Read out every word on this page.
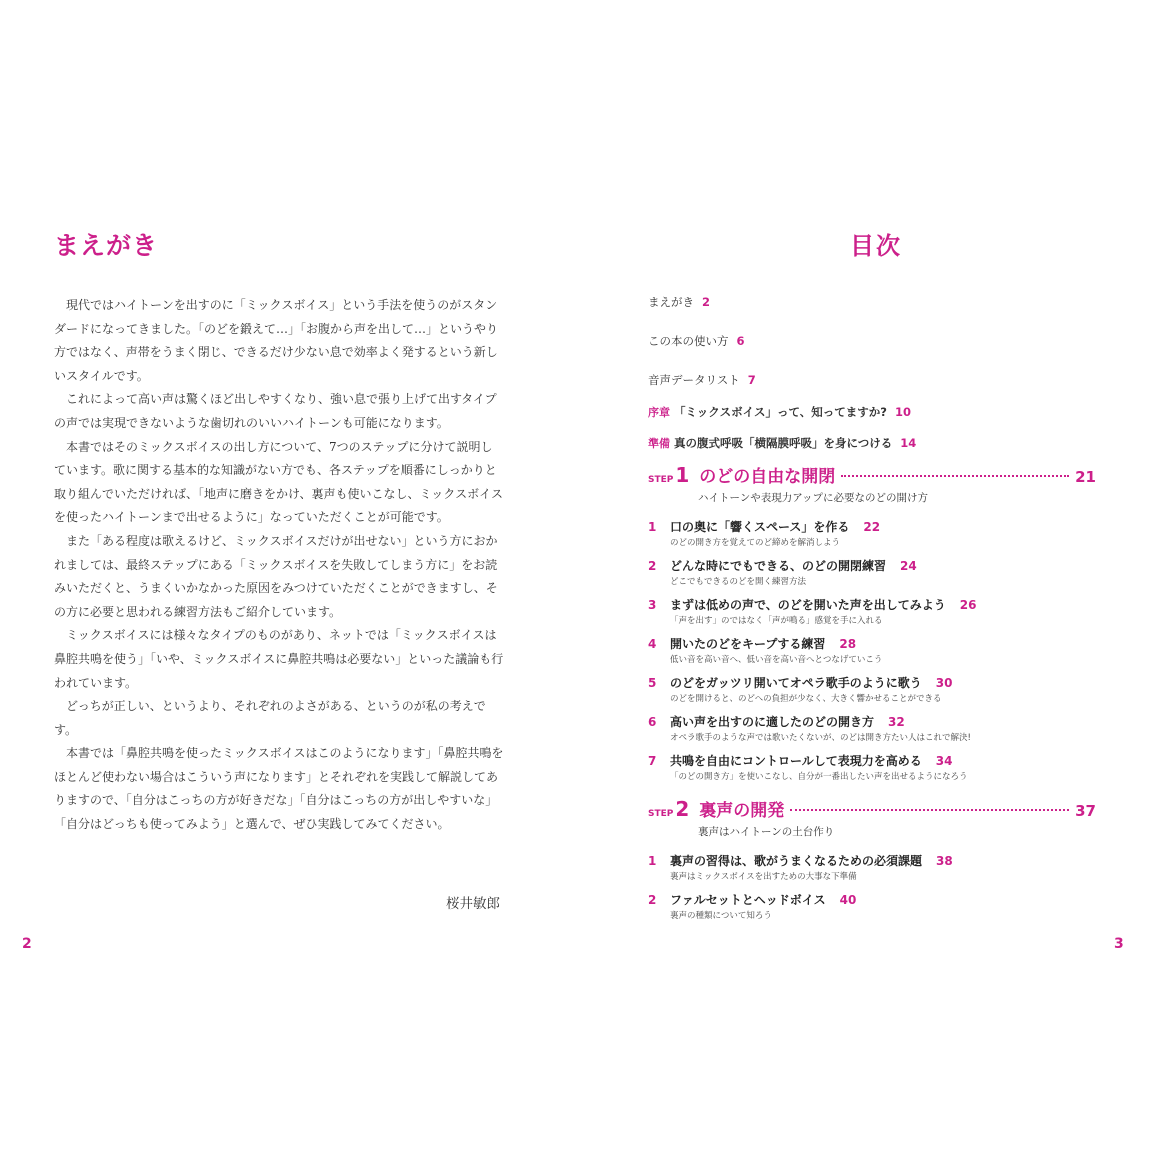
まえがき

　現代ではハイトーンを出すのに「ミックスボイス」という手法を使うのがスタンダードになってきました。「のどを鍛えて…」「お腹から声を出して…」というやり方ではなく、声帯をうまく閉じ、できるだけ少ない息で効率よく発するという新しいスタイルです。

　これによって高い声は驚くほど出しやすくなり、強い息で張り上げて出すタイプの声では実現できないような歯切れのいいハイトーンも可能になります。

　本書ではそのミックスボイスの出し方について、7つのステップに分けて説明しています。歌に関する基本的な知識がない方でも、各ステップを順番にしっかりと取り組んでいただければ、「地声に磨きをかけ、裏声も使いこなし、ミックスボイスを使ったハイトーンまで出せるように」なっていただくことが可能です。

　また「ある程度は歌えるけど、ミックスボイスだけが出せない」という方におかれましては、最終ステップにある「ミックスボイスを失敗してしまう方に」をお読みいただくと、うまくいかなかった原因をみつけていただくことができますし、その方に必要と思われる練習方法もご紹介しています。

　ミックスボイスには様々なタイプのものがあり、ネットでは「ミックスボイスは鼻腔共鳴を使う」「いや、ミックスボイスに鼻腔共鳴は必要ない」といった議論も行われています。

　どっちが正しい、というより、それぞれのよさがある、というのが私の考えです。

　本書では「鼻腔共鳴を使ったミックスボイスはこのようになります」「鼻腔共鳴をほとんど使わない場合はこういう声になります」とそれぞれを実践して解説してありますので、「自分はこっちの方が好きだな」「自分はこっちの方が出しやすいな」「自分はどっちも使ってみよう」と選んで、ぜひ実践してみてください。

桜井敏郎
2
目次
まえがき 2
この本の使い方 6
音声データリスト 7
序章 「ミックスボイス」って、知ってますか? 10
準備 真の腹式呼吸「横隔膜呼吸」を身につける 14
STEP 1 のどの自由な開閉	21
ハイトーンや表現力アップに必要なのどの開け方
1	口の奥に「響くスペース」を作る 22
のどの開き方を覚えてのど締めを解消しよう
2	どんな時にでもできる、のどの開閉練習 24
どこでもできるのどを開く練習方法
3	まずは低めの声で、のどを開いた声を出してみよう 26
「声を出す」のではなく「声が鳴る」感覚を手に入れる
4	開いたのどをキープする練習 28
低い音を高い音へ、低い音を高い音へとつなげていこう
5	のどをガッツリ開いてオペラ歌手のように歌う 30
のどを開けると、のどへの負担が少なく、大きく響かせることができる
6	高い声を出すのに適したのどの開き方 32
オペラ歌手のような声では歌いたくないが、のどは開き方たい人はこれで解決!
7	共鳴を自由にコントロールして表現力を高める 34
「のどの開き方」を使いこなし、自分が一番出したい声を出せるようになろう
STEP 2 裏声の開発	37
裏声はハイトーンの土台作り
1	裏声の習得は、歌がうまくなるための必須課題 38
裏声はミックスボイスを出すための大事な下準備
2	ファルセットとヘッドボイス 40
裏声の種類について知ろう
3
